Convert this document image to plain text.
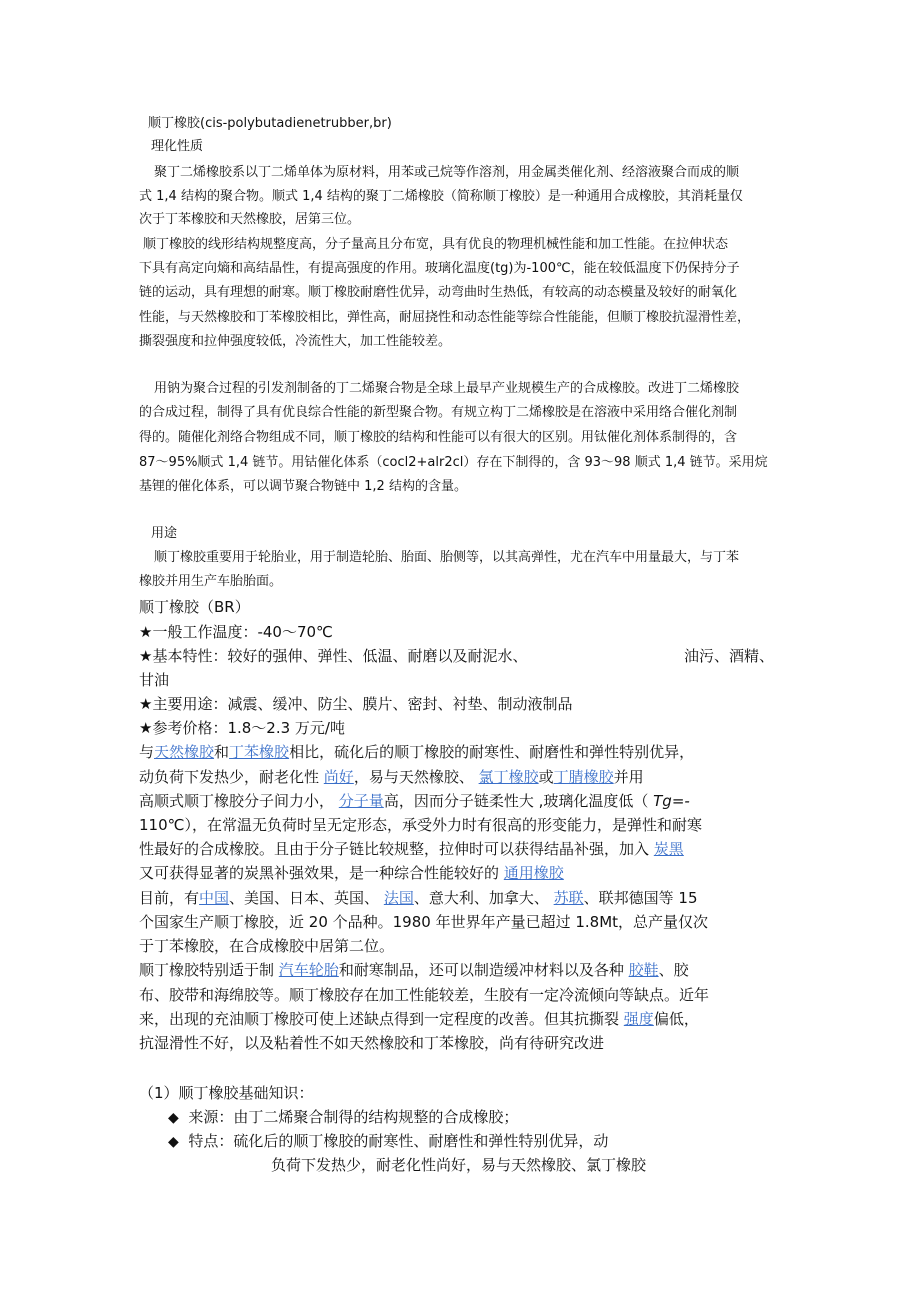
顺丁橡胶(cis-polybutadienetrubber,br)
理化性质
聚丁二烯橡胶系以丁二烯单体为原材料，用苯或己烷等作溶剂，用金属类催化剂、经溶液聚合而成的顺
式 1,4 结构的聚合物。顺式 1,4 结构的聚丁二烯橡胶（简称顺丁橡胶）是一种通用合成橡胶，其消耗量仅
次于丁苯橡胶和天然橡胶，居第三位。
顺丁橡胶的线形结构规整度高，分子量高且分布宽，具有优良的物理机械性能和加工性能。在拉伸状态
下具有高定向熵和高结晶性，有提高强度的作用。玻璃化温度(tg)为-100℃，能在较低温度下仍保持分子
链的运动，具有理想的耐寒。顺丁橡胶耐磨性优异，动弯曲时生热低，有较高的动态模量及较好的耐氧化
性能，与天然橡胶和丁苯橡胶相比，弹性高，耐屈挠性和动态性能等综合性能能，但顺丁橡胶抗湿滑性差，
撕裂强度和拉伸强度较低，冷流性大，加工性能较差。
用钠为聚合过程的引发剂制备的丁二烯聚合物是全球上最早产业规模生产的合成橡胶。改进丁二烯橡胶
的合成过程，制得了具有优良综合性能的新型聚合物。有规立构丁二烯橡胶是在溶液中采用络合催化剂制
得的。随催化剂络合物组成不同，顺丁橡胶的结构和性能可以有很大的区别。用钛催化剂体系制得的，含
87～95%顺式 1,4 链节。用钴催化体系（cocl2+alr2cl）存在下制得的，含 93～98 顺式 1,4 链节。采用烷
基锂的催化体系，可以调节聚合物链中 1,2 结构的含量。
用途
顺丁橡胶重要用于轮胎业，用于制造轮胎、胎面、胎侧等，以其高弹性，尤在汽车中用量最大，与丁苯
橡胶并用生产车胎胎面。
顺丁橡胶（BR）
★一般工作温度：-40～70℃
★基本特性：较好的强伸、弹性、低温、耐磨以及耐泥水、	油污、酒精、
甘油
★主要用途：减震、缓冲、防尘、膜片、密封、衬垫、制动液制品
★参考价格：1.8～2.3 万元/吨
与天然橡胶和丁苯橡胶相比，硫化后的顺丁橡胶的耐寒性、耐磨性和弹性特别优异，
动负荷下发热少，耐老化性 尚好，易与天然橡胶、 氯丁橡胶或丁腈橡胶并用
高顺式顺丁橡胶分子间力小， 分子量高，因而分子链柔性大 ,玻璃化温度低（ Tg=-
110℃），在常温无负荷时呈无定形态，承受外力时有很高的形变能力，是弹性和耐寒
性最好的合成橡胶。且由于分子链比较规整，拉伸时可以获得结晶补强，加入 炭黑
又可获得显著的炭黑补强效果，是一种综合性能较好的 通用橡胶
目前，有中国、美国、日本、英国、 法国、意大利、加拿大、 苏联、联邦德国等 15
个国家生产顺丁橡胶，近 20 个品种。1980 年世界年产量已超过 1.8Mt，总产量仅次
于丁苯橡胶，在合成橡胶中居第二位。
顺丁橡胶特别适于制 汽车轮胎和耐寒制品，还可以制造缓冲材料以及各种 胶鞋、胶
布、胶带和海绵胶等。顺丁橡胶存在加工性能较差，生胶有一定冷流倾向等缺点。近年
来，出现的充油顺丁橡胶可使上述缺点得到一定程度的改善。但其抗撕裂 强度偏低，
抗湿滑性不好，以及粘着性不如天然橡胶和丁苯橡胶，尚有待研究改进
（1）顺丁橡胶基础知识：
◆ 来源：由丁二烯聚合制得的结构规整的合成橡胶；
◆ 特点：硫化后的顺丁橡胶的耐寒性、耐磨性和弹性特别优异，动
负荷下发热少，耐老化性尚好，易与天然橡胶、氯丁橡胶
